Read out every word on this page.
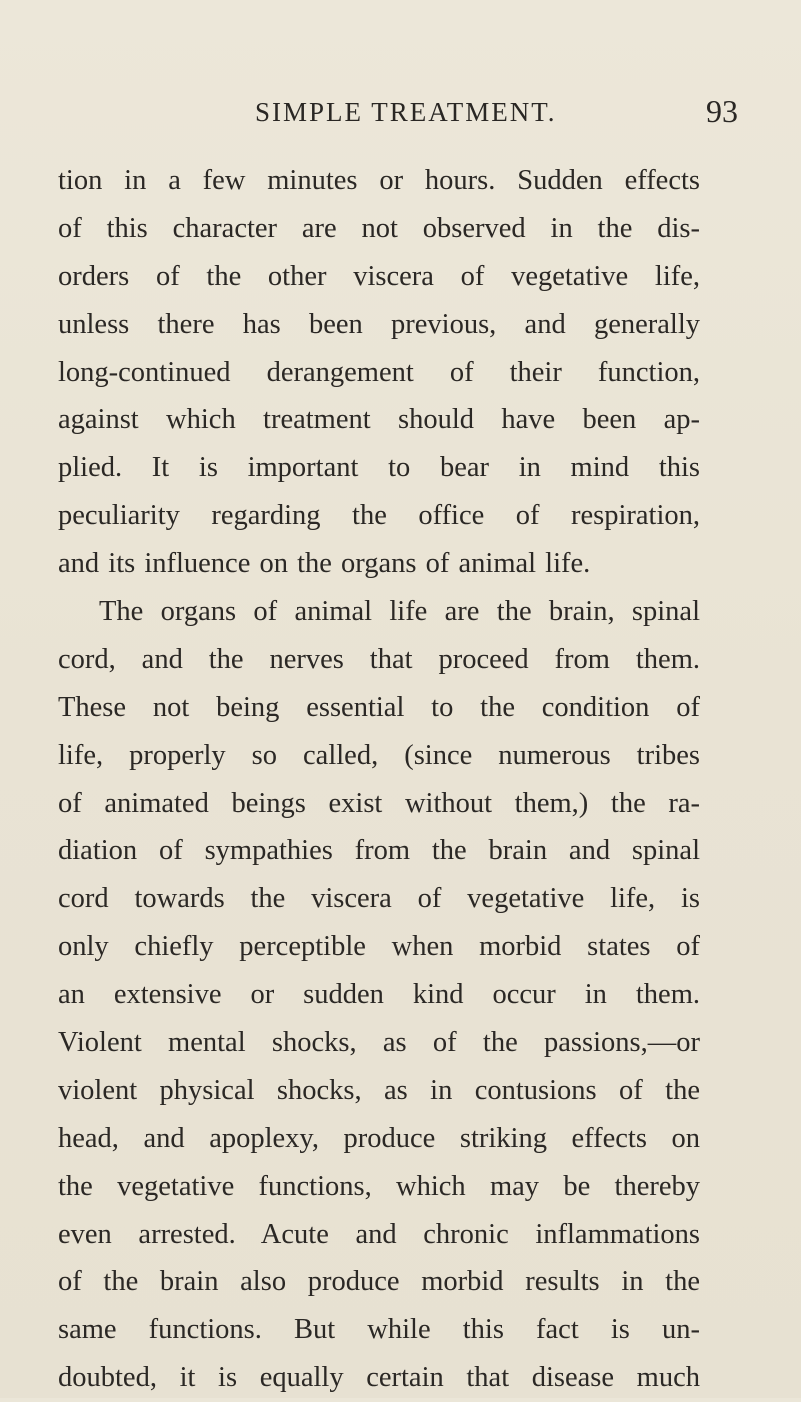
SIMPLE TREATMENT.	93
tion in a few minutes or hours. Sudden effects
of this character are not observed in the dis-
orders of the other viscera of vegetative life,
unless there has been previous, and generally
long-continued derangement of their function,
against which treatment should have been ap-
plied. It is important to bear in mind this
peculiarity regarding the office of respiration,
and its influence on the organs of animal life.
The organs of animal life are the brain, spinal
cord, and the nerves that proceed from them.
These not being essential to the condition of
life, properly so called, (since numerous tribes
of animated beings exist without them,) the ra-
diation of sympathies from the brain and spinal
cord towards the viscera of vegetative life, is
only chiefly perceptible when morbid states of
an extensive or sudden kind occur in them.
Violent mental shocks, as of the passions,—or
violent physical shocks, as in contusions of the
head, and apoplexy, produce striking effects on
the vegetative functions, which may be thereby
even arrested. Acute and chronic inflammations
of the brain also produce morbid results in the
same functions. But while this fact is un-
doubted, it is equally certain that disease much
